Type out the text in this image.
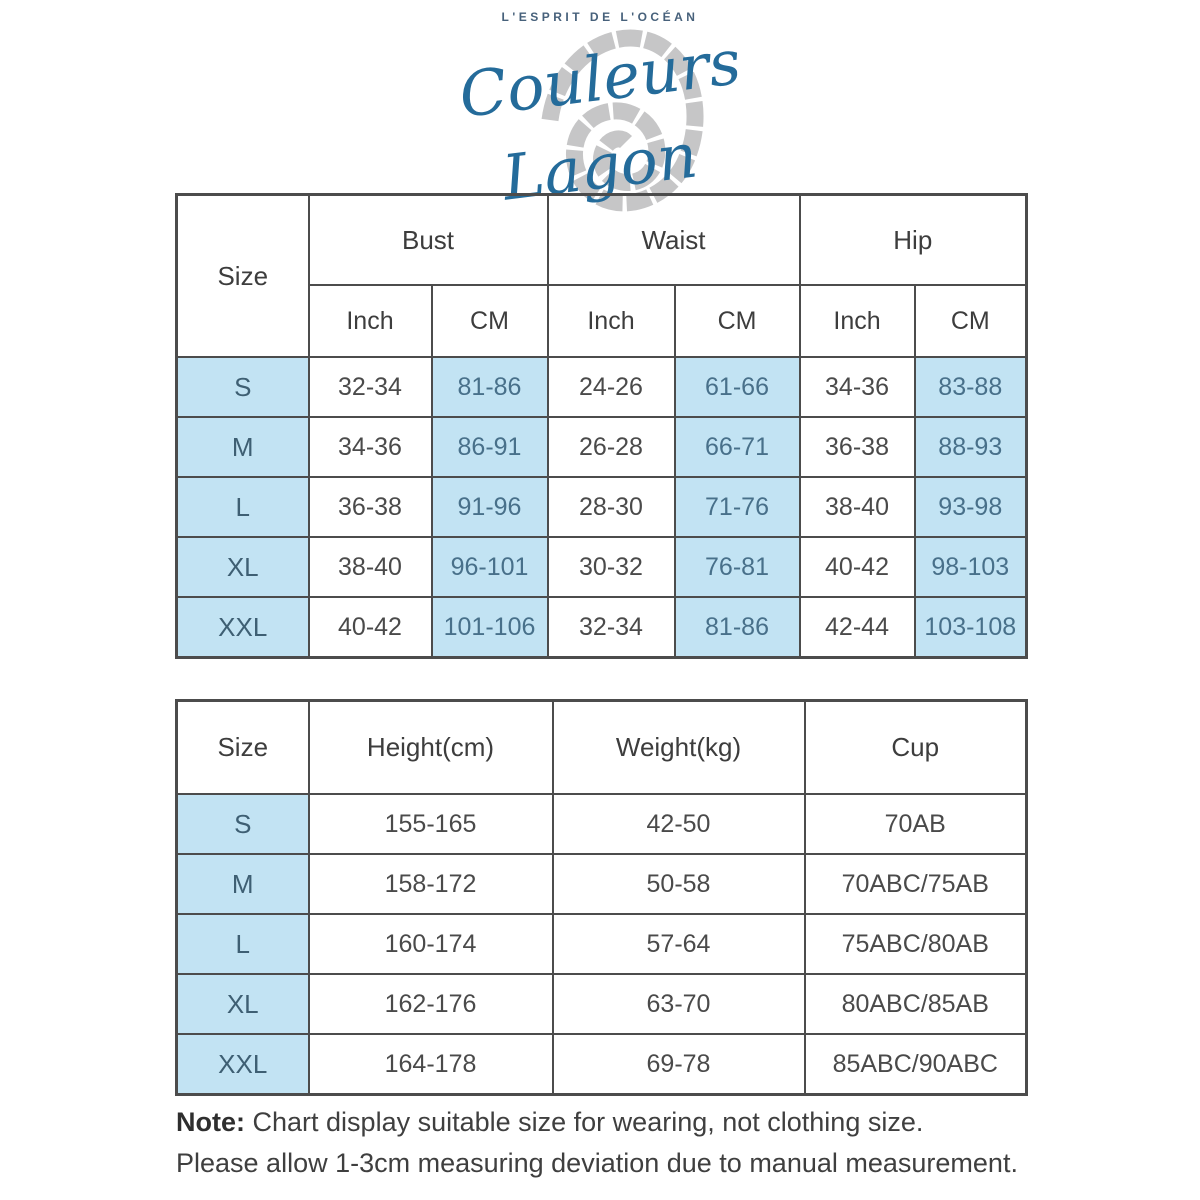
L'ESPRIT DE L'OCÉAN
Couleurs
Lagon
Size	Bust		Waist		Hip	
	Inch	CM	Inch	CM	Inch	CM
S	32-34	81-86	24-26	61-66	34-36	83-88
M	34-36	86-91	26-28	66-71	36-38	88-93
L	36-38	91-96	28-30	71-76	38-40	93-98
XL	38-40	96-101	30-32	76-81	40-42	98-103
XXL	40-42	101-106	32-34	81-86	42-44	103-108
Size	Height(cm)	Weight(kg)	Cup
S	155-165	42-50	70AB
M	158-172	50-58	70ABC/75AB
L	160-174	57-64	75ABC/80AB
XL	162-176	63-70	80ABC/85AB
XXL	164-178	69-78	85ABC/90ABC
Note: Chart display suitable size for wearing, not clothing size.
Please allow 1-3cm measuring deviation due to manual measurement.
